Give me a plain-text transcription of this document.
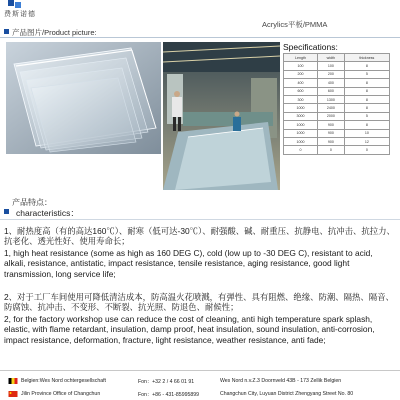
费斯诺德
产品图片/Product picture:
Acrylics平板/PMMA
Specifications:
Length	width	thickness
100	100	8
200	200	5
400	400	8
600	600	8
300	1300	8
1000	2400	8
3000	2000	5
1000	900	8
1000	900	10
1000	900	12
0	0	0
产品特点：
characteristics：
1、耐热度高（有的高达160℃）、耐寒（低可达-30℃）、耐强酸、碱、耐重压、抗静电、抗冲击、抗拉力、抗老化、透光性好、使用寿命长；
1, high heat resistance (some as high as 160 DEG C), cold (low up to -30 DEG C), resistant to acid, alkali, resistance, antistatic, impact resistance, tensile resistance, aging resistance, good light transmission, long service life;
2、对于工厂车间使用可降低清洁成本，防高温火花喷溅，有弹性、具有阻燃、绝缘、防潮、隔热、隔音、防腐蚀、抗冲击、不变形、不断裂、抗光照、防退色、耐候性；
2, for the factory workshop use can reduce the cost of cleaning, anti high temperature spark splash, elastic, with flame retardant, insulation, damp proof, heat insulation, sound insulation, anti-corrosion, impact resistance, deformation, fracture, light resistance, weather resistance, anti fade;
Belgien:Wes Nord ochtergesellschaft	Fon：+32 2 / 4 66 01 91	Wes Nord n.v.Z.3 Doornveld 43B - 173 Zellik Belgien
Jilin Province Office of Changchun	Fon：+86 - 431-85995899	Changchun City, Luyuan District Zhengyang Street No. 80
